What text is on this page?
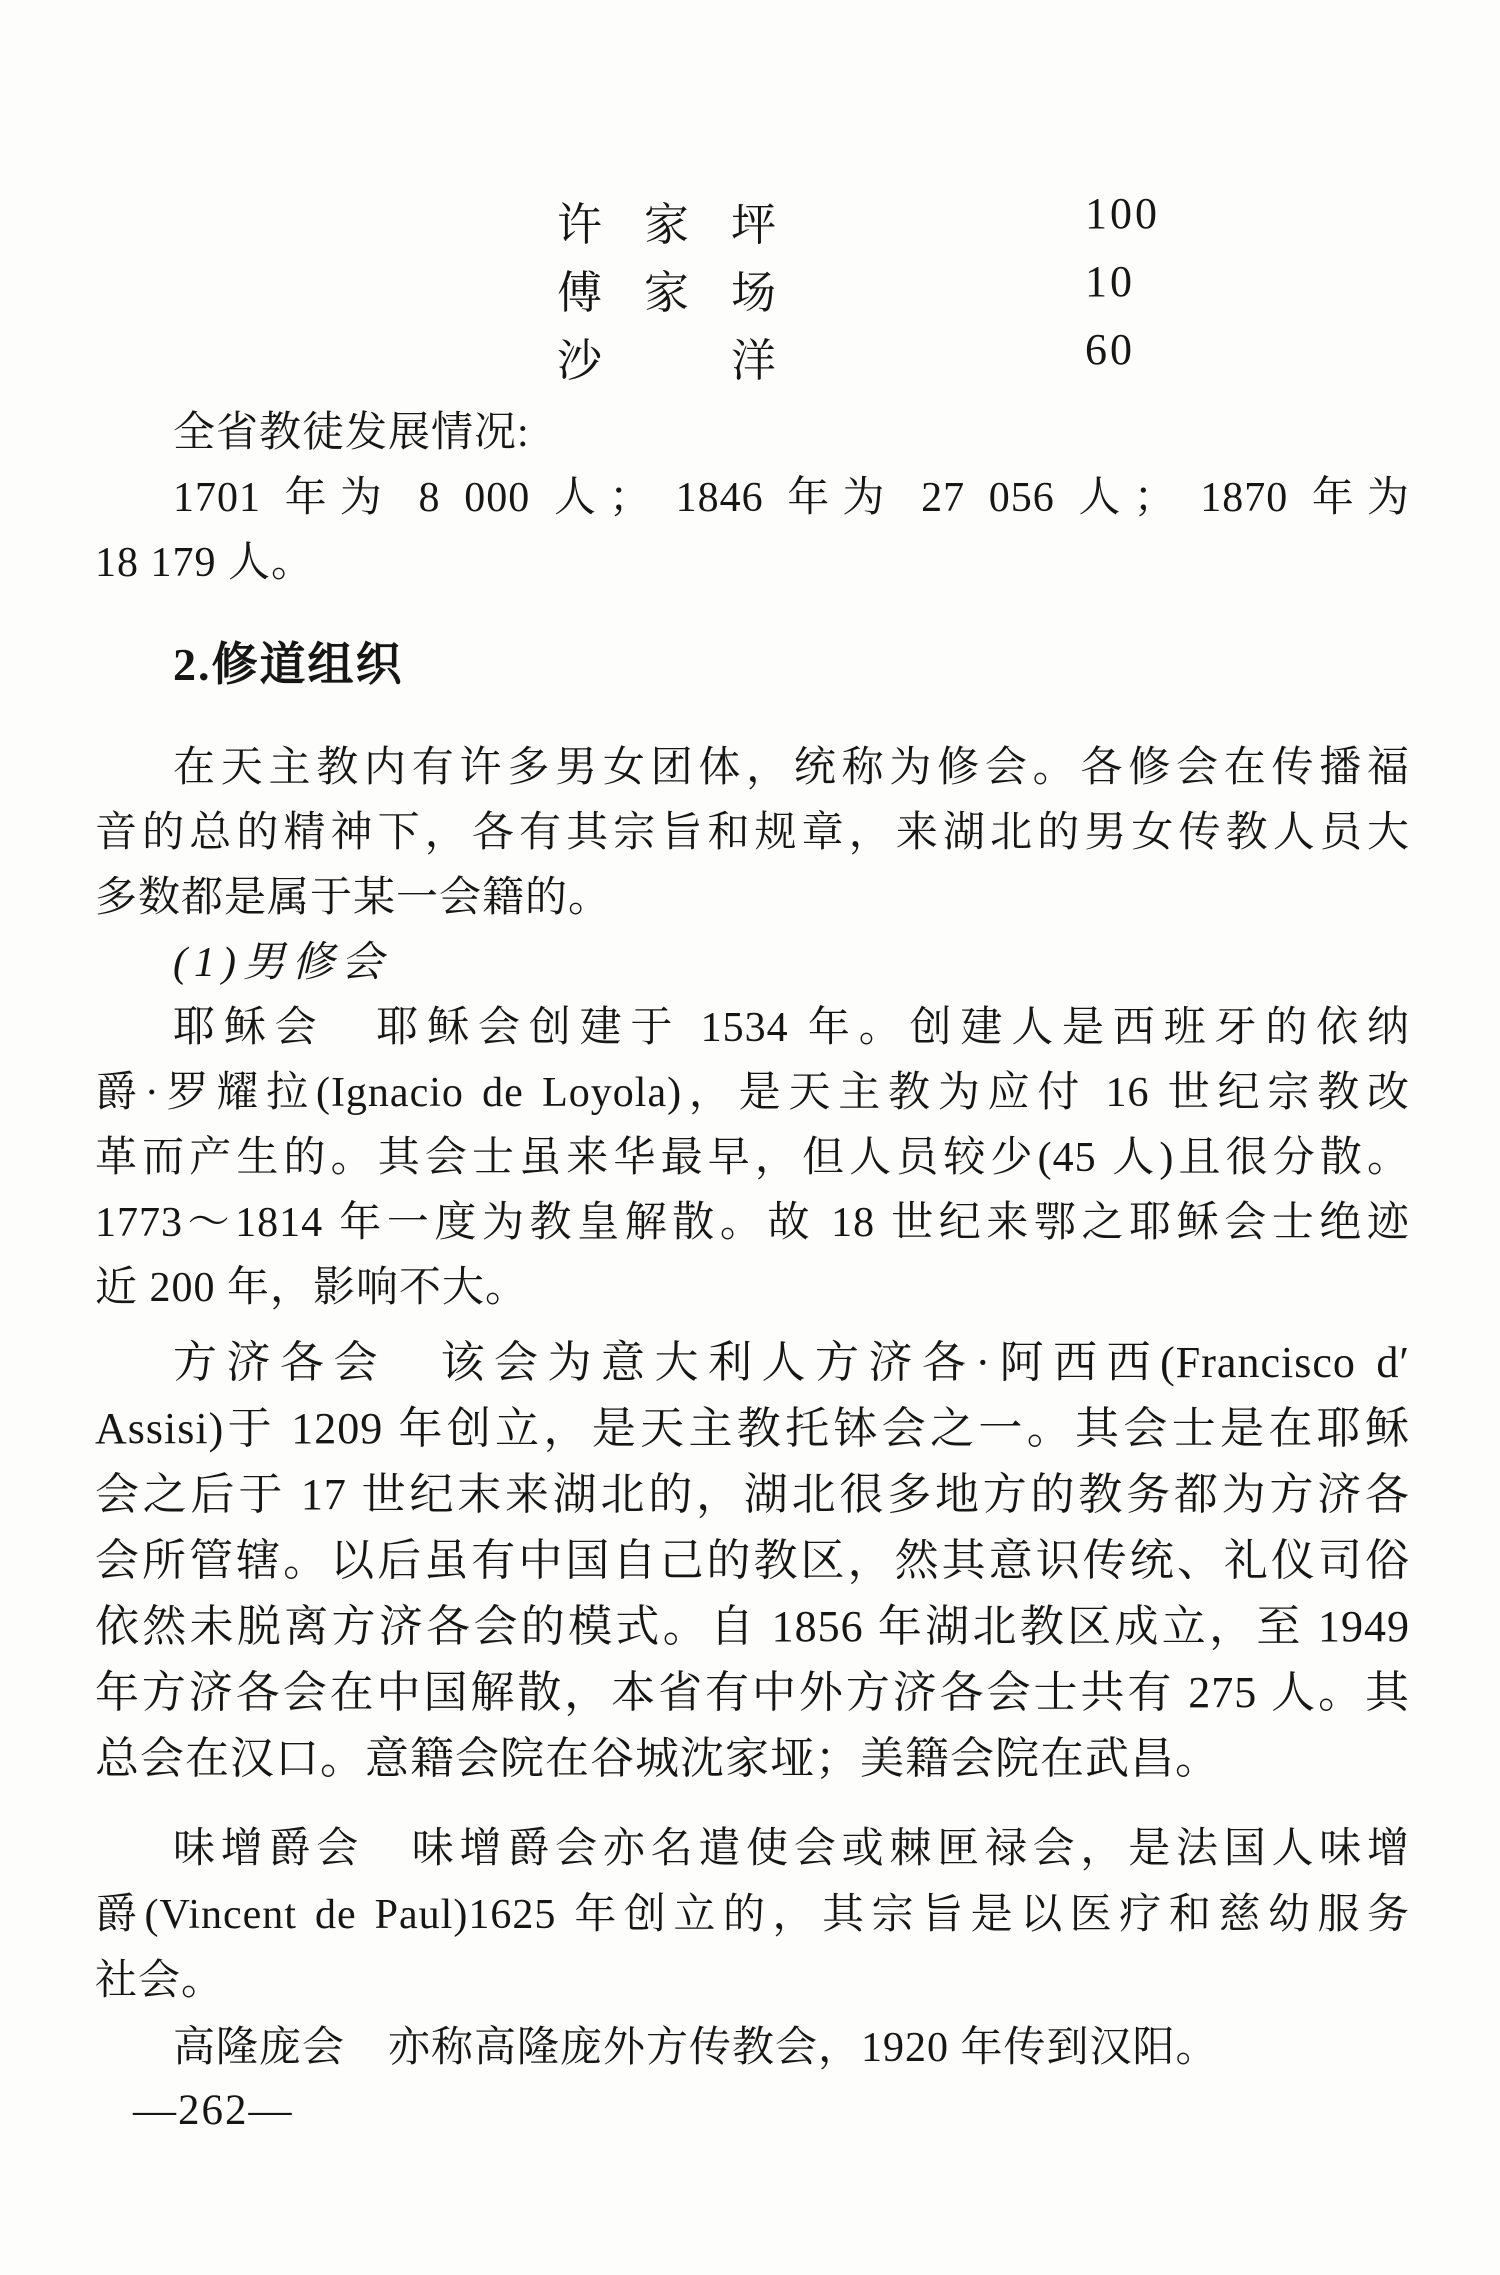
许家坪	100
傅家场	10
沙　洋	60
全省教徒发展情况:
1701 年为 8 000 人； 1846 年为 27 056 人； 1870 年为
18 179 人。
2.修道组织
在天主教内有许多男女团体，统称为修会。各修会在传播福
音的总的精神下，各有其宗旨和规章，来湖北的男女传教人员大
多数都是属于某一会籍的。
(1)男修会
耶稣会　耶稣会创建于 1534 年。创建人是西班牙的依纳
爵·罗耀拉(Ignacio de Loyola)，是天主教为应付 16 世纪宗教改
革而产生的。其会士虽来华最早，但人员较少(45 人)且很分散。
1773～1814 年一度为教皇解散。故 18 世纪来鄂之耶稣会士绝迹
近 200 年，影响不大。
方济各会　该会为意大利人方济各·阿西西(Francisco d′
Assisi)于 1209 年创立，是天主教托钵会之一。其会士是在耶稣
会之后于 17 世纪末来湖北的，湖北很多地方的教务都为方济各
会所管辖。以后虽有中国自己的教区，然其意识传统、礼仪司俗
依然未脱离方济各会的模式。自 1856 年湖北教区成立，至 1949
年方济各会在中国解散，本省有中外方济各会士共有 275 人。其
总会在汉口。意籍会院在谷城沈家垭；美籍会院在武昌。
味增爵会　味增爵会亦名遣使会或棘匣禄会，是法国人味增
爵(Vincent de Paul)1625 年创立的，其宗旨是以医疗和慈幼服务
社会。
高隆庞会　亦称高隆庞外方传教会，1920 年传到汉阳。
—262—
